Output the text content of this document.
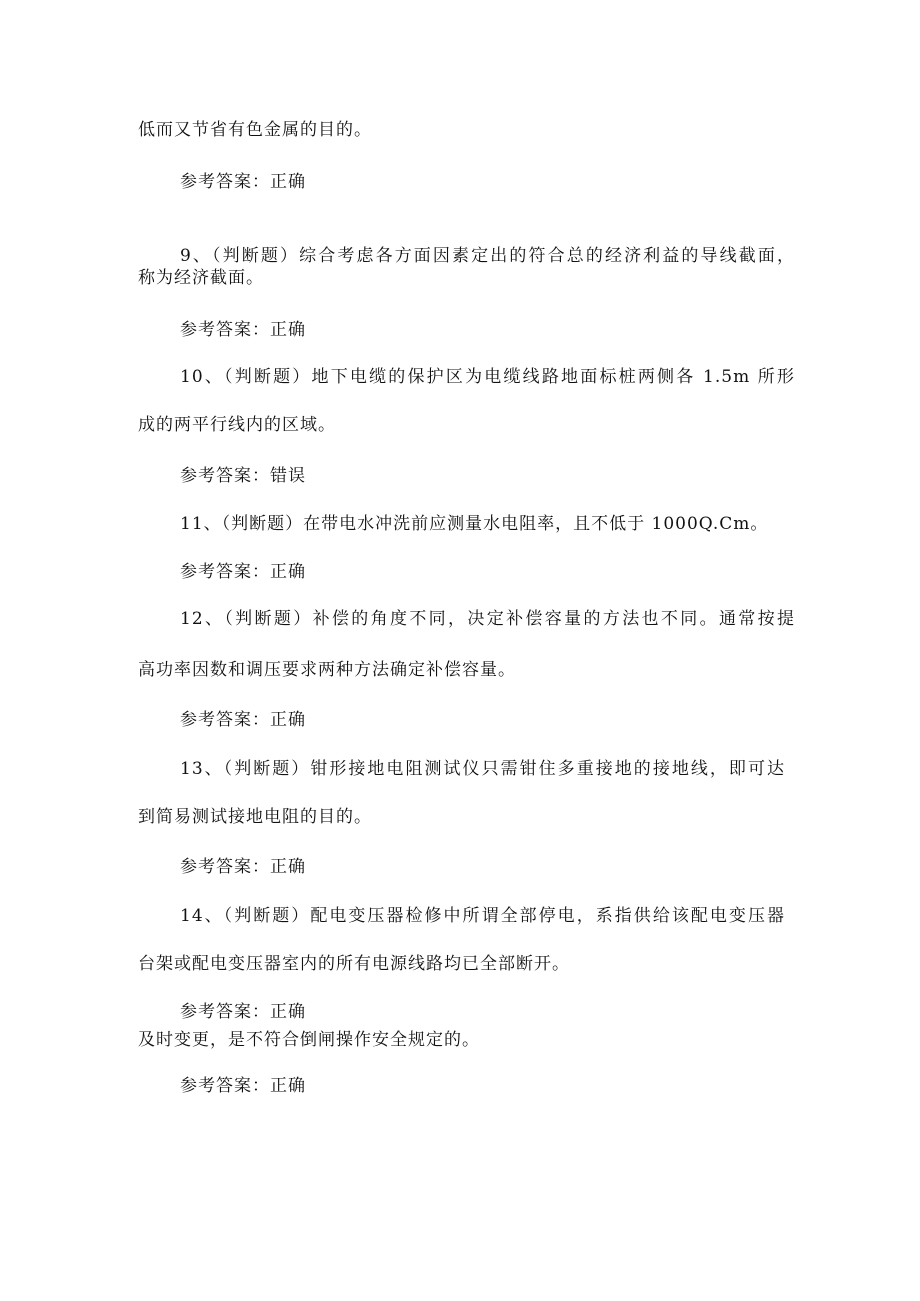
低而又节省有色金属的目的。
参考答案：正确
9、（判断题）综合考虑各方面因素定出的符合总的经济利益的导线截面，
称为经济截面。
参考答案：正确
10、（判断题）地下电缆的保护区为电缆线路地面标桩两侧各 1.5m 所形
成的两平行线内的区域。
参考答案：错误
11、（判断题）在带电水冲洗前应测量水电阻率，且不低于 1000Q.Cm。
参考答案：正确
12、（判断题）补偿的角度不同，决定补偿容量的方法也不同。通常按提
高功率因数和调压要求两种方法确定补偿容量。
参考答案：正确
13、（判断题）钳形接地电阻测试仪只需钳住多重接地的接地线，即可达
到简易测试接地电阻的目的。
参考答案：正确
14、（判断题）配电变压器检修中所谓全部停电，系指供给该配电变压器
台架或配电变压器室内的所有电源线路均已全部断开。
参考答案：正确
及时变更，是不符合倒闸操作安全规定的。
参考答案：正确
